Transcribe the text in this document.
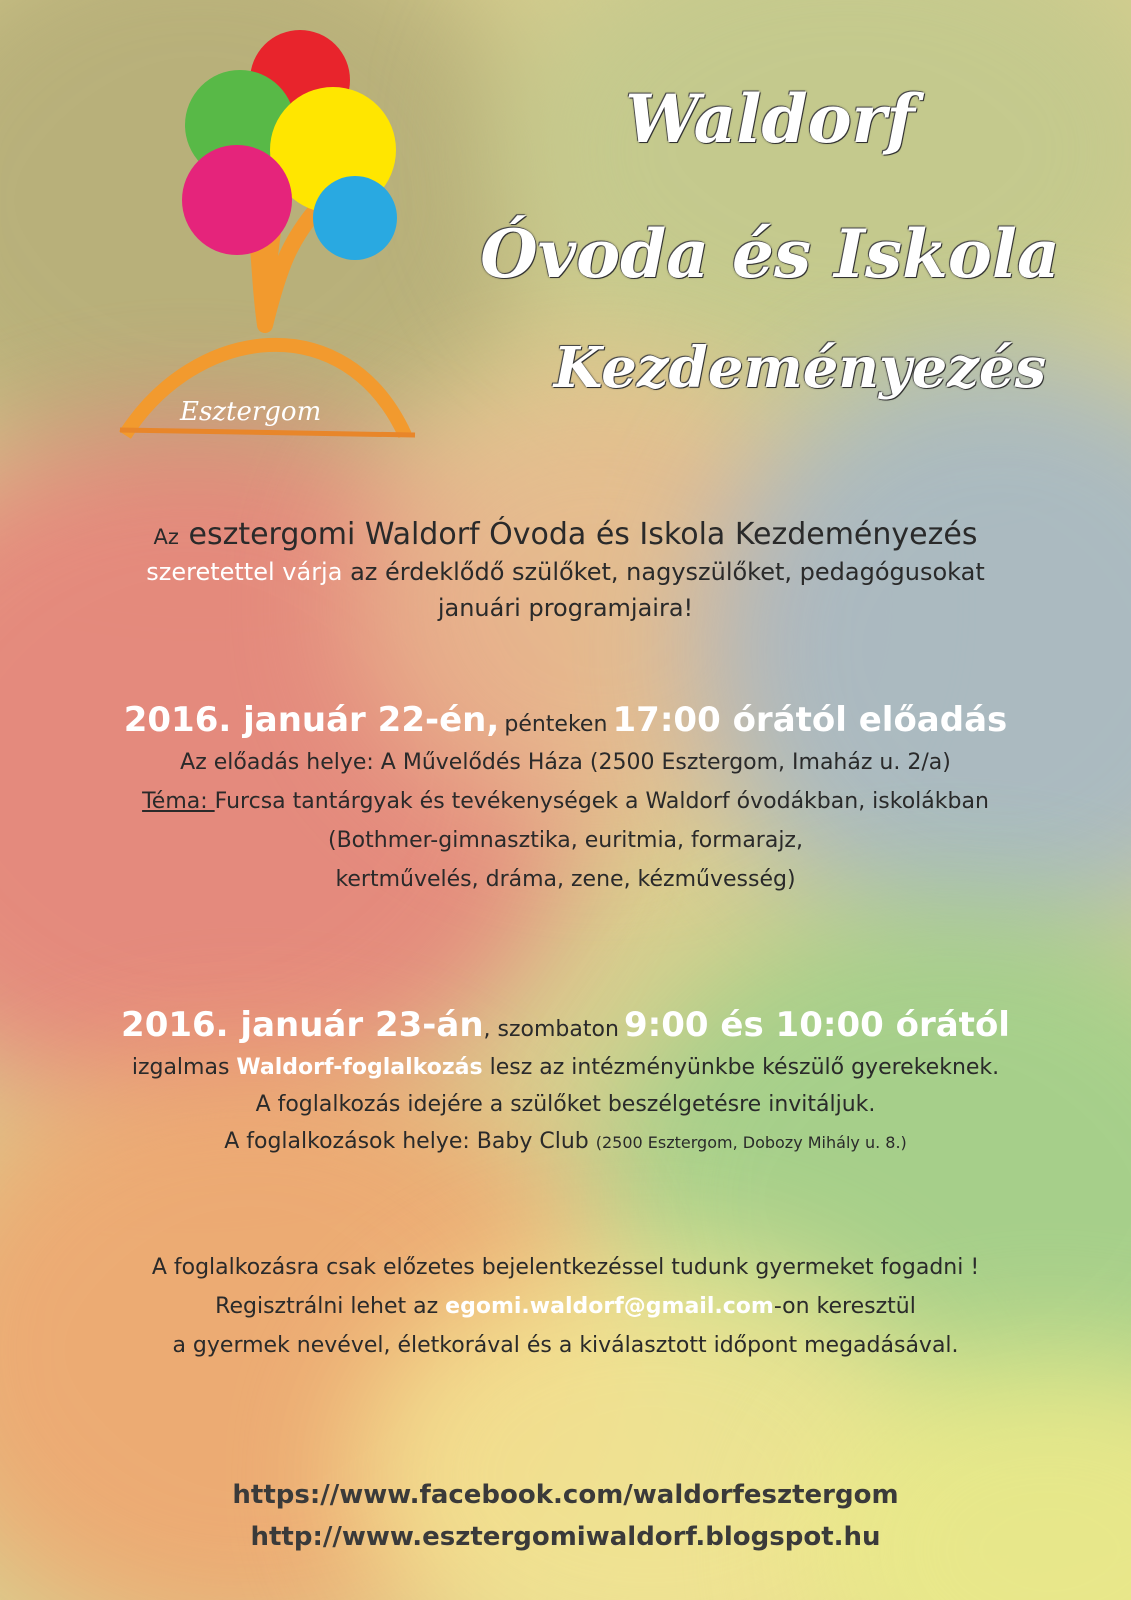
Esztergom
Waldorf
Óvoda és Iskola
Kezdeményezés
Az esztergomi Waldorf Óvoda és Iskola Kezdeményezés
szeretettel várja az érdeklődő szülőket, nagyszülőket, pedagógusokat
januári programjaira!
2016. január 22-én, pénteken 17:00 órától előadás
Az előadás helye: A Művelődés Háza (2500 Esztergom, Imaház u. 2/a)
Téma: Furcsa tantárgyak és tevékenységek a Waldorf óvodákban, iskolákban
(Bothmer-gimnasztika, euritmia, formarajz,
kertművelés, dráma, zene, kézművesség)
2016. január 23-án, szombaton 9:00 és 10:00 órától
izgalmas Waldorf-foglalkozás lesz az intézményünkbe készülő gyerekeknek.
A foglalkozás idejére a szülőket beszélgetésre invitáljuk.
A foglalkozások helye: Baby Club (2500 Esztergom, Dobozy Mihály u. 8.)
A foglalkozásra csak előzetes bejelentkezéssel tudunk gyermeket fogadni !
Regisztrálni lehet az egomi.waldorf@gmail.com-on keresztül
a gyermek nevével, életkorával és a kiválasztott időpont megadásával.
https://www.facebook.com/waldorfesztergom
http://www.esztergomiwaldorf.blogspot.hu
